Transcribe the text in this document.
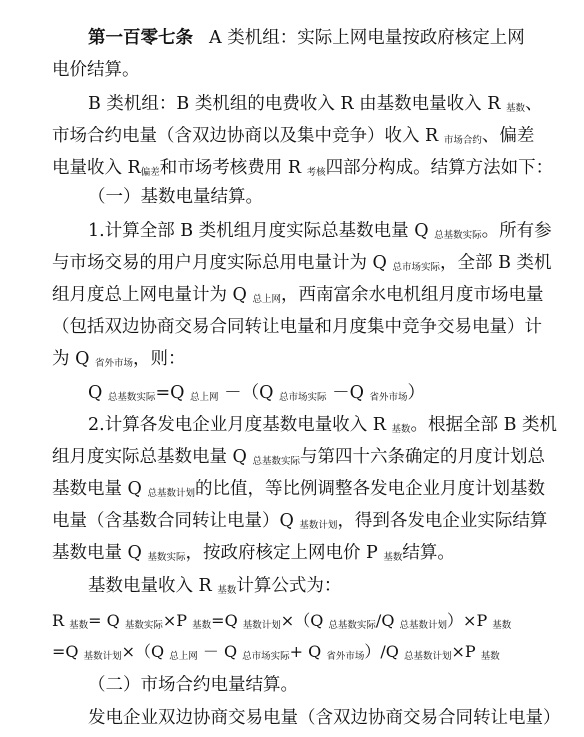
第一百零七条 A 类机组：实际上网电量按政府核定上网
电价结算。
B 类机组：B 类机组的电费收入 R 由基数电量收入 R $_{基数}$、
市场合约电量（含双边协商以及集中竞争）收入 R $_{市场合约}$、偏差
电量收入 $R_{偏差}$和市场考核费用 R $_{考核}$四部分构成。结算方法如下：
（一）基数电量结算。
1.计算全部 B 类机组月度实际总基数电量 Q $_{总基数实际}$。所有参
与市场交易的用户月度实际总用电量计为 Q $_{总市场实际}$，全部 B 类机
组月度总上网电量计为 Q $_{总上网}$，西南富余水电机组月度市场电量
（包括双边协商交易合同转让电量和月度集中竞争交易电量）计
为 Q $_{省外市场}$，则：
Q $_{总基数实际}$=Q $_{总上网}$ －（Q $_{总市场实际}$ －Q $_{省外市场}$）
2.计算各发电企业月度基数电量收入 R $_{基数}$。根据全部 B 类机
组月度实际总基数电量 Q $_{总基数实际}$与第四十六条确定的月度计划总
基数电量 Q $_{总基数计划}$的比值，等比例调整各发电企业月度计划基数
电量（含基数合同转让电量）Q $_{基数计划}$，得到各发电企业实际结算
基数电量 Q $_{基数实际}$，按政府核定上网电价 P $_{基数}$结算。
基数电量收入 R $_{基数}$计算公式为：
R $_{基数}$= Q $_{基数实际}$×P $_{基数}$=Q $_{基数计划}$×（Q $_{总基数实际}$/Q $_{总基数计划}$）×P $_{基数}$
=Q $_{基数计划}$×（Q $_{总上网}$ － Q $_{总市场实际}$+ Q $_{省外市场}$）/Q $_{总基数计划}$×P $_{基数}$
（二）市场合约电量结算。
发电企业双边协商交易电量（含双边协商交易合同转让电量）
